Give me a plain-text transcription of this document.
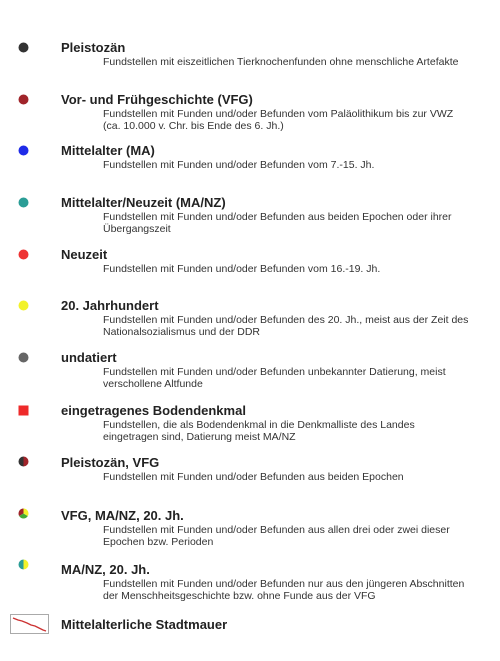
Pleistozän
Fundstellen mit eiszeitlichen Tierknochenfunden ohne menschliche Artefakte
Vor- und Frühgeschichte (VFG)
Fundstellen mit Funden und/oder Befunden vom Paläolithikum bis zur VWZ
(ca. 10.000 v. Chr. bis Ende des 6. Jh.)
Mittelalter (MA)
Fundstellen mit Funden und/oder Befunden vom 7.-15. Jh.
Mittelalter/Neuzeit (MA/NZ)
Fundstellen mit Funden und/oder Befunden aus beiden Epochen oder ihrer
Übergangszeit
Neuzeit
Fundstellen mit Funden und/oder Befunden vom 16.-19. Jh.
20. Jahrhundert
Fundstellen mit Funden und/oder Befunden des 20. Jh., meist aus der Zeit des
Nationalsozialismus und der DDR
undatiert
Fundstellen mit Funden und/oder Befunden unbekannter Datierung, meist
verschollene Altfunde
eingetragenes Bodendenkmal
Fundstellen, die als Bodendenkmal in die Denkmalliste des Landes
eingetragen sind, Datierung meist MA/NZ
Pleistozän, VFG
Fundstellen mit Funden und/oder Befunden aus beiden Epochen
VFG, MA/NZ, 20. Jh.
Fundstellen mit Funden und/oder Befunden aus allen drei oder zwei dieser
Epochen bzw. Perioden
MA/NZ, 20. Jh.
Fundstellen mit Funden und/oder Befunden nur aus den jüngeren Abschnitten
der Menschheitsgeschichte bzw. ohne Funde aus der VFG
Mittelalterliche Stadtmauer
